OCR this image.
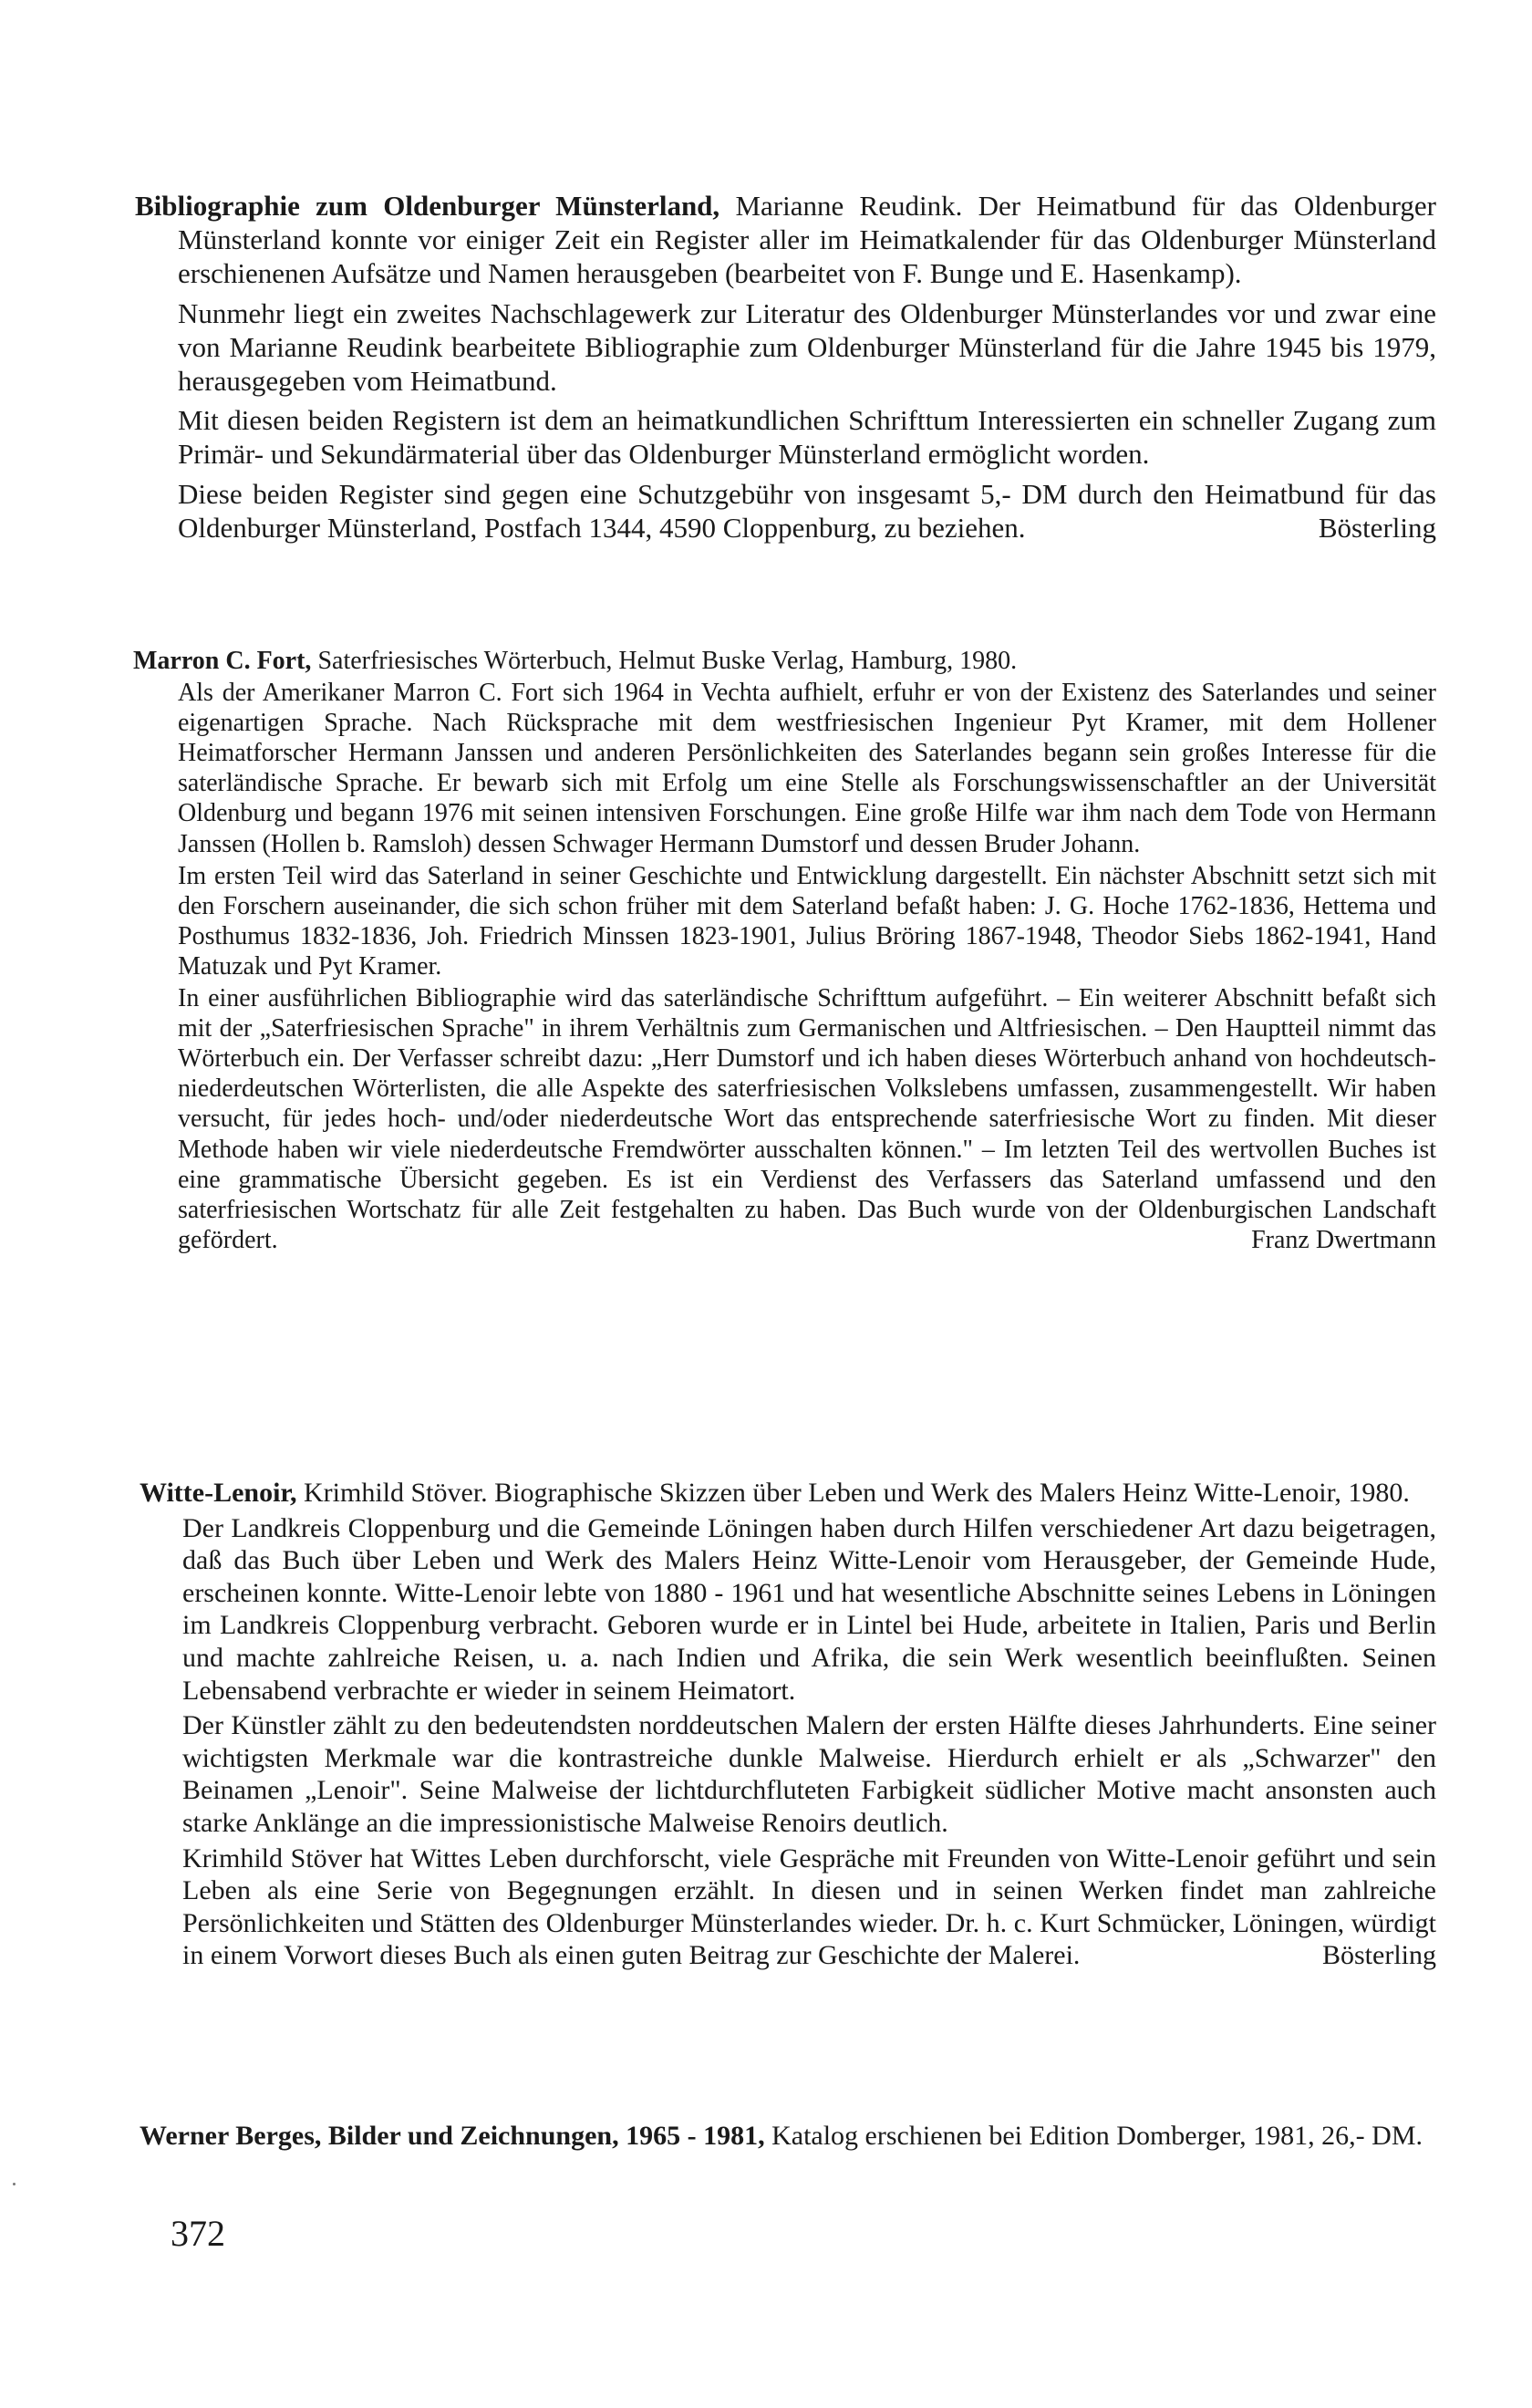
Bibliographie zum Oldenburger Münsterland, Marianne Reudink. Der Heimatbund für das Oldenburger Münsterland konnte vor einiger Zeit ein Register aller im Heimatkalender für das Oldenburger Münsterland erschienenen Aufsätze und Namen herausgeben (bearbeitet von F. Bunge und E. Hasenkamp).

Nunmehr liegt ein zweites Nachschlagewerk zur Literatur des Oldenburger Münsterlandes vor und zwar eine von Marianne Reudink bearbeitete Bibliographie zum Oldenburger Münsterland für die Jahre 1945 bis 1979, herausgegeben vom Heimatbund.

Mit diesen beiden Registern ist dem an heimatkundlichen Schrifttum Interessierten ein schneller Zugang zum Primär- und Sekundärmaterial über das Oldenburger Münsterland ermöglicht worden.

Diese beiden Register sind gegen eine Schutzgebühr von insgesamt 5,- DM durch den Heimatbund für das Oldenburger Münsterland, Postfach 1344, 4590 Cloppenburg, zu beziehen.	Bösterling

Marron C. Fort, Saterfriesisches Wörterbuch, Helmut Buske Verlag, Hamburg, 1980.

Als der Amerikaner Marron C. Fort sich 1964 in Vechta aufhielt, erfuhr er von der Existenz des Saterlandes und seiner eigenartigen Sprache. Nach Rücksprache mit dem westfriesischen Ingenieur Pyt Kramer, mit dem Hollener Heimatforscher Hermann Janssen und anderen Persönlichkeiten des Saterlandes begann sein großes Interesse für die saterländische Sprache. Er bewarb sich mit Erfolg um eine Stelle als Forschungswissenschaftler an der Universität Oldenburg und begann 1976 mit seinen intensiven Forschungen. Eine große Hilfe war ihm nach dem Tode von Hermann Janssen (Hollen b. Ramsloh) dessen Schwager Hermann Dumstorf und dessen Bruder Johann.

Im ersten Teil wird das Saterland in seiner Geschichte und Entwicklung dargestellt. Ein nächster Abschnitt setzt sich mit den Forschern auseinander, die sich schon früher mit dem Saterland befaßt haben: J. G. Hoche 1762-1836, Hettema und Posthumus 1832-1836, Joh. Friedrich Minssen 1823-1901, Julius Bröring 1867-1948, Theodor Siebs 1862-1941, Hand Matuzak und Pyt Kramer.

In einer ausführlichen Bibliographie wird das saterländische Schrifttum aufgeführt. – Ein weiterer Abschnitt befaßt sich mit der „Saterfriesischen Sprache" in ihrem Verhältnis zum Germanischen und Altfriesischen. – Den Hauptteil nimmt das Wörterbuch ein. Der Verfasser schreibt dazu: „Herr Dumstorf und ich haben dieses Wörterbuch anhand von hochdeutsch-niederdeutschen Wörterlisten, die alle Aspekte des saterfriesischen Volkslebens umfassen, zusammengestellt. Wir haben versucht, für jedes hoch- und/oder niederdeutsche Wort das entsprechende saterfriesische Wort zu finden. Mit dieser Methode haben wir viele niederdeutsche Fremdwörter ausschalten können." – Im letzten Teil des wertvollen Buches ist eine grammatische Übersicht gegeben. Es ist ein Verdienst des Verfassers das Saterland umfassend und den saterfriesischen Wortschatz für alle Zeit festgehalten zu haben. Das Buch wurde von der Oldenburgischen Landschaft gefördert.	Franz Dwertmann

Witte-Lenoir, Krimhild Stöver. Biographische Skizzen über Leben und Werk des Malers Heinz Witte-Lenoir, 1980.

Der Landkreis Cloppenburg und die Gemeinde Löningen haben durch Hilfen verschiedener Art dazu beigetragen, daß das Buch über Leben und Werk des Malers Heinz Witte-Lenoir vom Herausgeber, der Gemeinde Hude, erscheinen konnte. Witte-Lenoir lebte von 1880 - 1961 und hat wesentliche Abschnitte seines Lebens in Löningen im Landkreis Cloppenburg verbracht. Geboren wurde er in Lintel bei Hude, arbeitete in Italien, Paris und Berlin und machte zahlreiche Reisen, u. a. nach Indien und Afrika, die sein Werk wesentlich beeinflußten. Seinen Lebensabend verbrachte er wieder in seinem Heimatort.

Der Künstler zählt zu den bedeutendsten norddeutschen Malern der ersten Hälfte dieses Jahrhunderts. Eine seiner wichtigsten Merkmale war die kontrastreiche dunkle Malweise. Hierdurch erhielt er als „Schwarzer" den Beinamen „Lenoir". Seine Malweise der lichtdurchfluteten Farbigkeit südlicher Motive macht ansonsten auch starke Anklänge an die impressionistische Malweise Renoirs deutlich.

Krimhild Stöver hat Wittes Leben durchforscht, viele Gespräche mit Freunden von Witte-Lenoir geführt und sein Leben als eine Serie von Begegnungen erzählt. In diesen und in seinen Werken findet man zahlreiche Persönlichkeiten und Stätten des Oldenburger Münsterlandes wieder. Dr. h. c. Kurt Schmücker, Löningen, würdigt in einem Vorwort dieses Buch als einen guten Beitrag zur Geschichte der Malerei.	Bösterling

Werner Berges, Bilder und Zeichnungen, 1965 - 1981, Katalog erschienen bei Edition Domberger, 1981, 26,- DM.

372
